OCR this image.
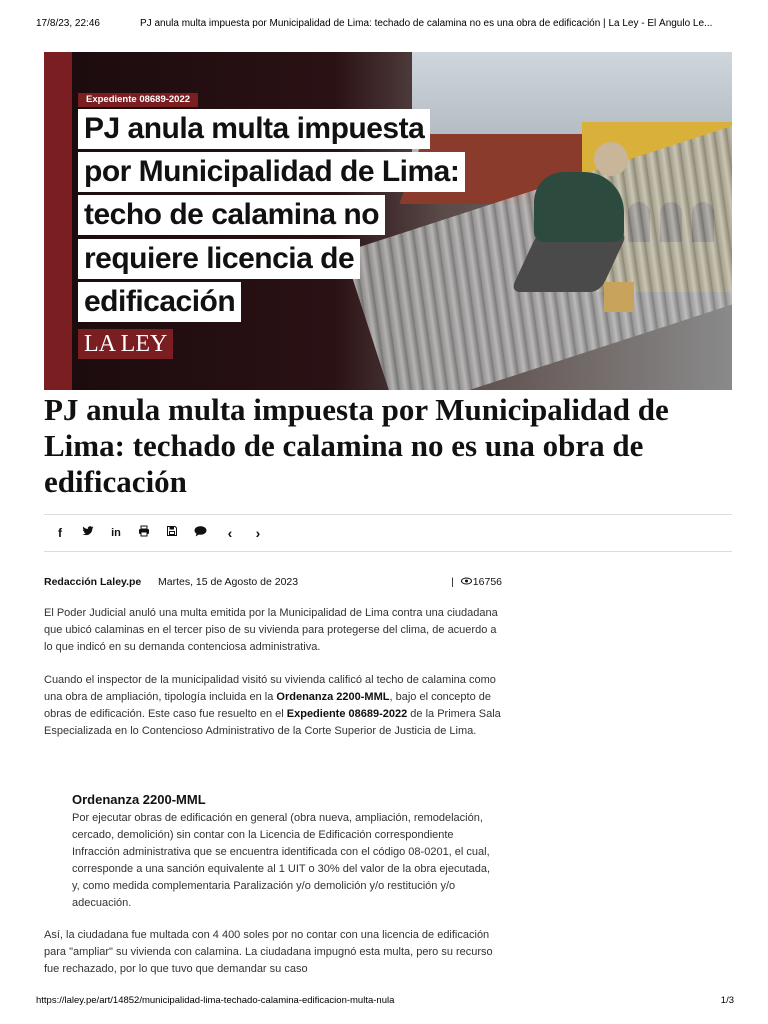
17/8/23, 22:46	PJ anula multa impuesta por Municipalidad de Lima: techado de calamina no es una obra de edificación | La Ley - El Ángulo Le...
Expediente 08689-2022
PJ anula multa impuesta
por Municipalidad de Lima:
techo de calamina no
requiere licencia de
edificación
LA LEY
PJ anula multa impuesta por Municipalidad de Lima: techado de calamina no es una obra de edificación
f	in	‹	›
Redacción Laley.pe Martes, 15 de Agosto de 2023	| 16756

El Poder Judicial anuló una multa emitida por la Municipalidad de Lima contra una ciudadana que ubicó calaminas en el tercer piso de su vivienda para protegerse del clima, de acuerdo a lo que indicó en su demanda contenciosa administrativa.

Cuando el inspector de la municipalidad visitó su vivienda calificó al techo de calamina como una obra de ampliación, tipología incluida en la Ordenanza 2200-MML, bajo el concepto de obras de edificación. Este caso fue resuelto en el Expediente 08689-2022 de la Primera Sala Especializada en lo Contencioso Administrativo de la Corte Superior de Justicia de Lima.

Ordenanza 2200-MML

Por ejecutar obras de edificación en general (obra nueva, ampliación, remodelación, cercado, demolición) sin contar con la Licencia de Edificación correspondiente Infracción administrativa que se encuentra identificada con el código 08-0201, el cual, corresponde a una sanción equivalente al 1 UIT o 30% del valor de la obra ejecutada, y, como medida complementaria Paralización y/o demolición y/o restitución y/o adecuación.

Así, la ciudadana fue multada con 4 400 soles por no contar con una licencia de edificación para "ampliar" su vivienda con calamina. La ciudadana impugnó esta multa, pero su recurso fue rechazado, por lo que tuvo que demandar su caso

https://laley.pe/art/14852/municipalidad-lima-techado-calamina-edificacion-multa-nula	1/3
